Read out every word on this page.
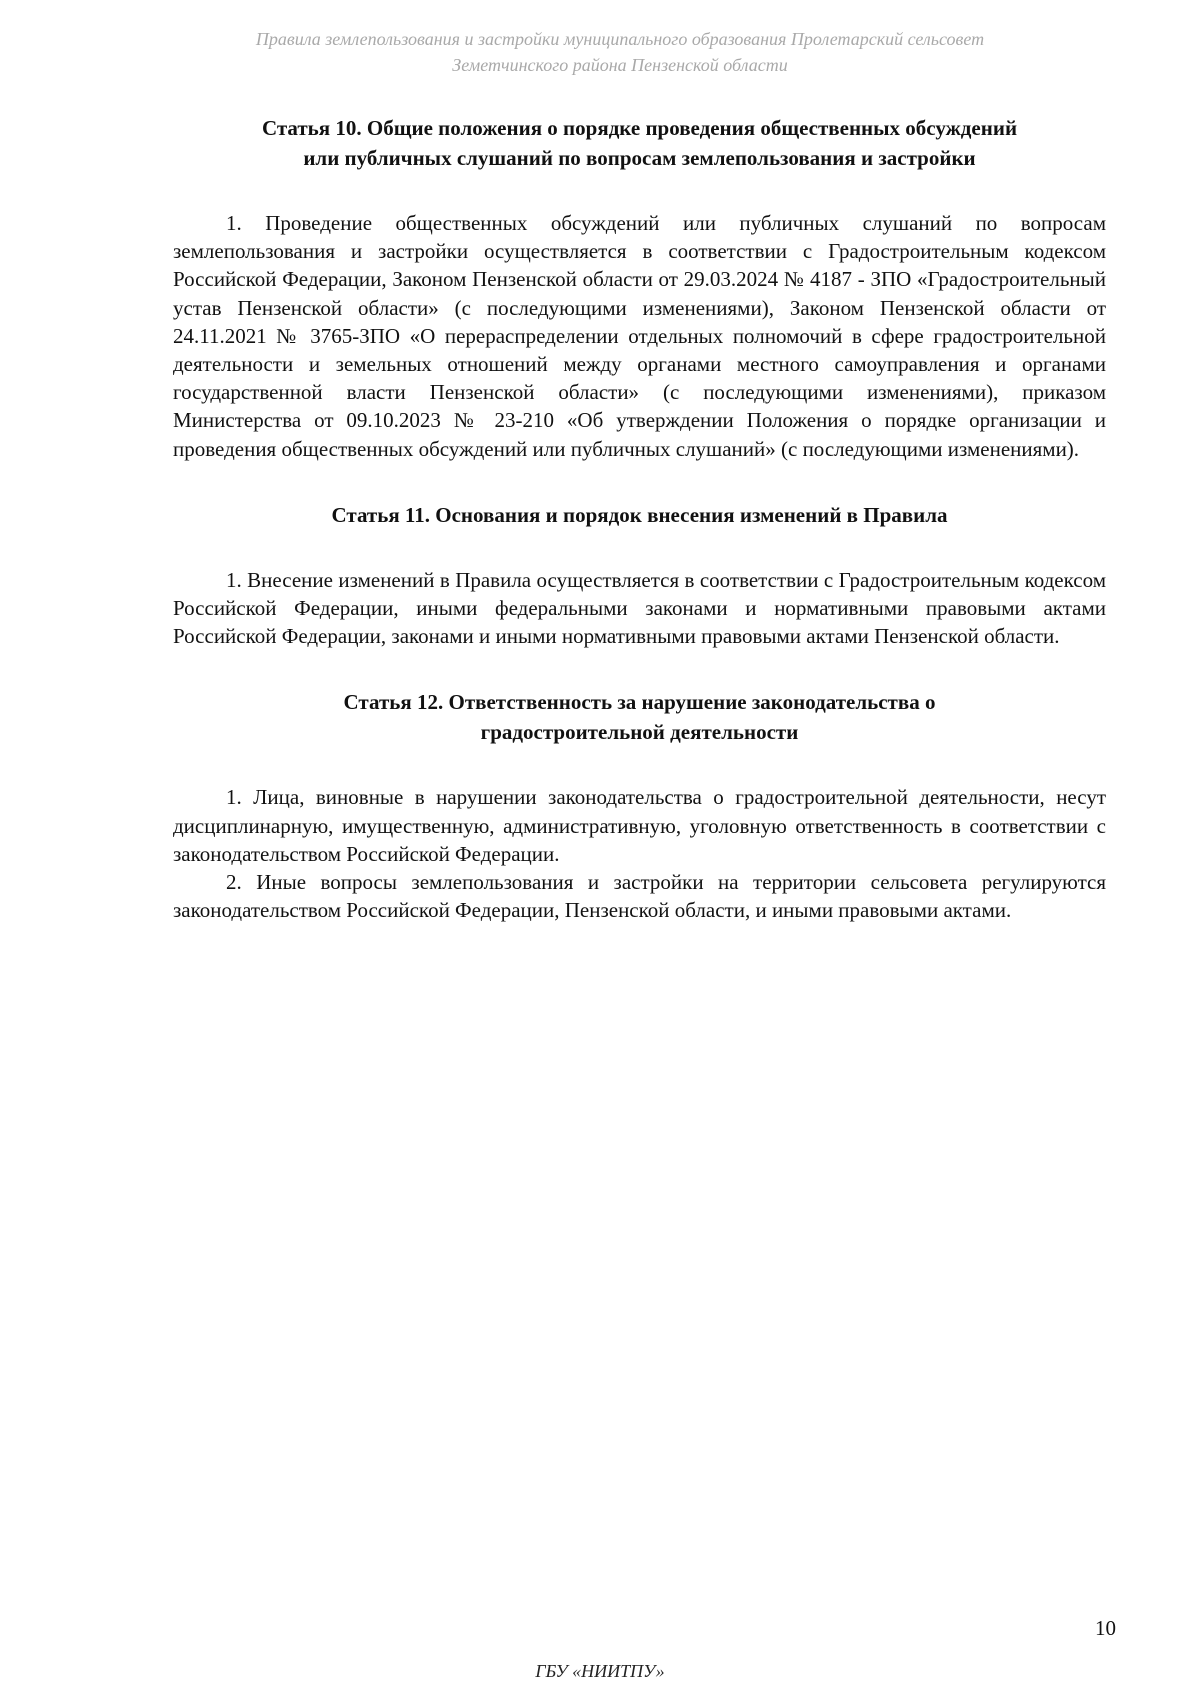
Правила землепользования и застройки муниципального образования Пролетарский сельсовет
Земетчинского района Пензенской области
Статья 10. Общие положения о порядке проведения общественных обсуждений
или публичных слушаний по вопросам землепользования и застройки

1. Проведение общественных обсуждений или публичных слушаний по вопросам землепользования и застройки осуществляется в соответствии с Градостроительным кодексом Российской Федерации, Законом Пензенской области от 29.03.2024 № 4187 - ЗПО «Градостроительный устав Пензенской области» (с последующими изменениями), Законом Пензенской области от 24.11.2021 № 3765-ЗПО «О перераспределении отдельных полномочий в сфере градостроительной деятельности и земельных отношений между органами местного самоуправления и органами государственной власти Пензенской области» (с последующими изменениями), приказом Министерства от 09.10.2023 № 23-210 «Об утверждении Положения о порядке организации и проведения общественных обсуждений или публичных слушаний» (с последующими изменениями).

Статья 11. Основания и порядок внесения изменений в Правила

1. Внесение изменений в Правила осуществляется в соответствии с Градостроительным кодексом Российской Федерации, иными федеральными законами и нормативными правовыми актами Российской Федерации, законами и иными нормативными правовыми актами Пензенской области.

Статья 12. Ответственность за нарушение законодательства о
градостроительной деятельности

1. Лица, виновные в нарушении законодательства о градостроительной деятельности, несут дисциплинарную, имущественную, административную, уголовную ответственность в соответствии с законодательством Российской Федерации.

2. Иные вопросы землепользования и застройки на территории сельсовета регулируются законодательством Российской Федерации, Пензенской области, и иными правовыми актами.

10
ГБУ «НИИТПУ»
